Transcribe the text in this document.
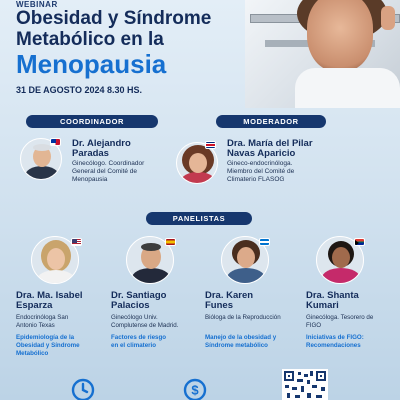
WEBINAR
Obesidad y Síndrome
Metabólico en la
Menopausia
31 DE AGOSTO 2024 8.30 HS.
COORDINADOR
Dr. Alejandro
Paradas
Ginecólogo. Coordinador
General del Comité de
Menopausia
MODERADOR
Dra. María del Pilar
Navas Aparicio
Gineco-endocrinóloga.
Miembro del Comité de
Climaterio FLASOG
PANELISTAS
Dra. Ma. Isabel
Esparza
Endocrinóloga San
Antonio Texas
Epidemiología de la
Obesidad y Síndrome
Metabólico
Dr. Santiago
Palacios
Ginecólogo Univ.
Complutense de Madrid.
Factores de riesgo
en el climaterio
Dra. Karen
Funes
Bióloga de la Reproducción
Manejo de la obesidad y
Síndrome metabólico
Dra. Shanta
Kumari
Ginecóloga. Tesorero de
FIGO
Iniciativas de FIGO:
Recomendaciones
$
